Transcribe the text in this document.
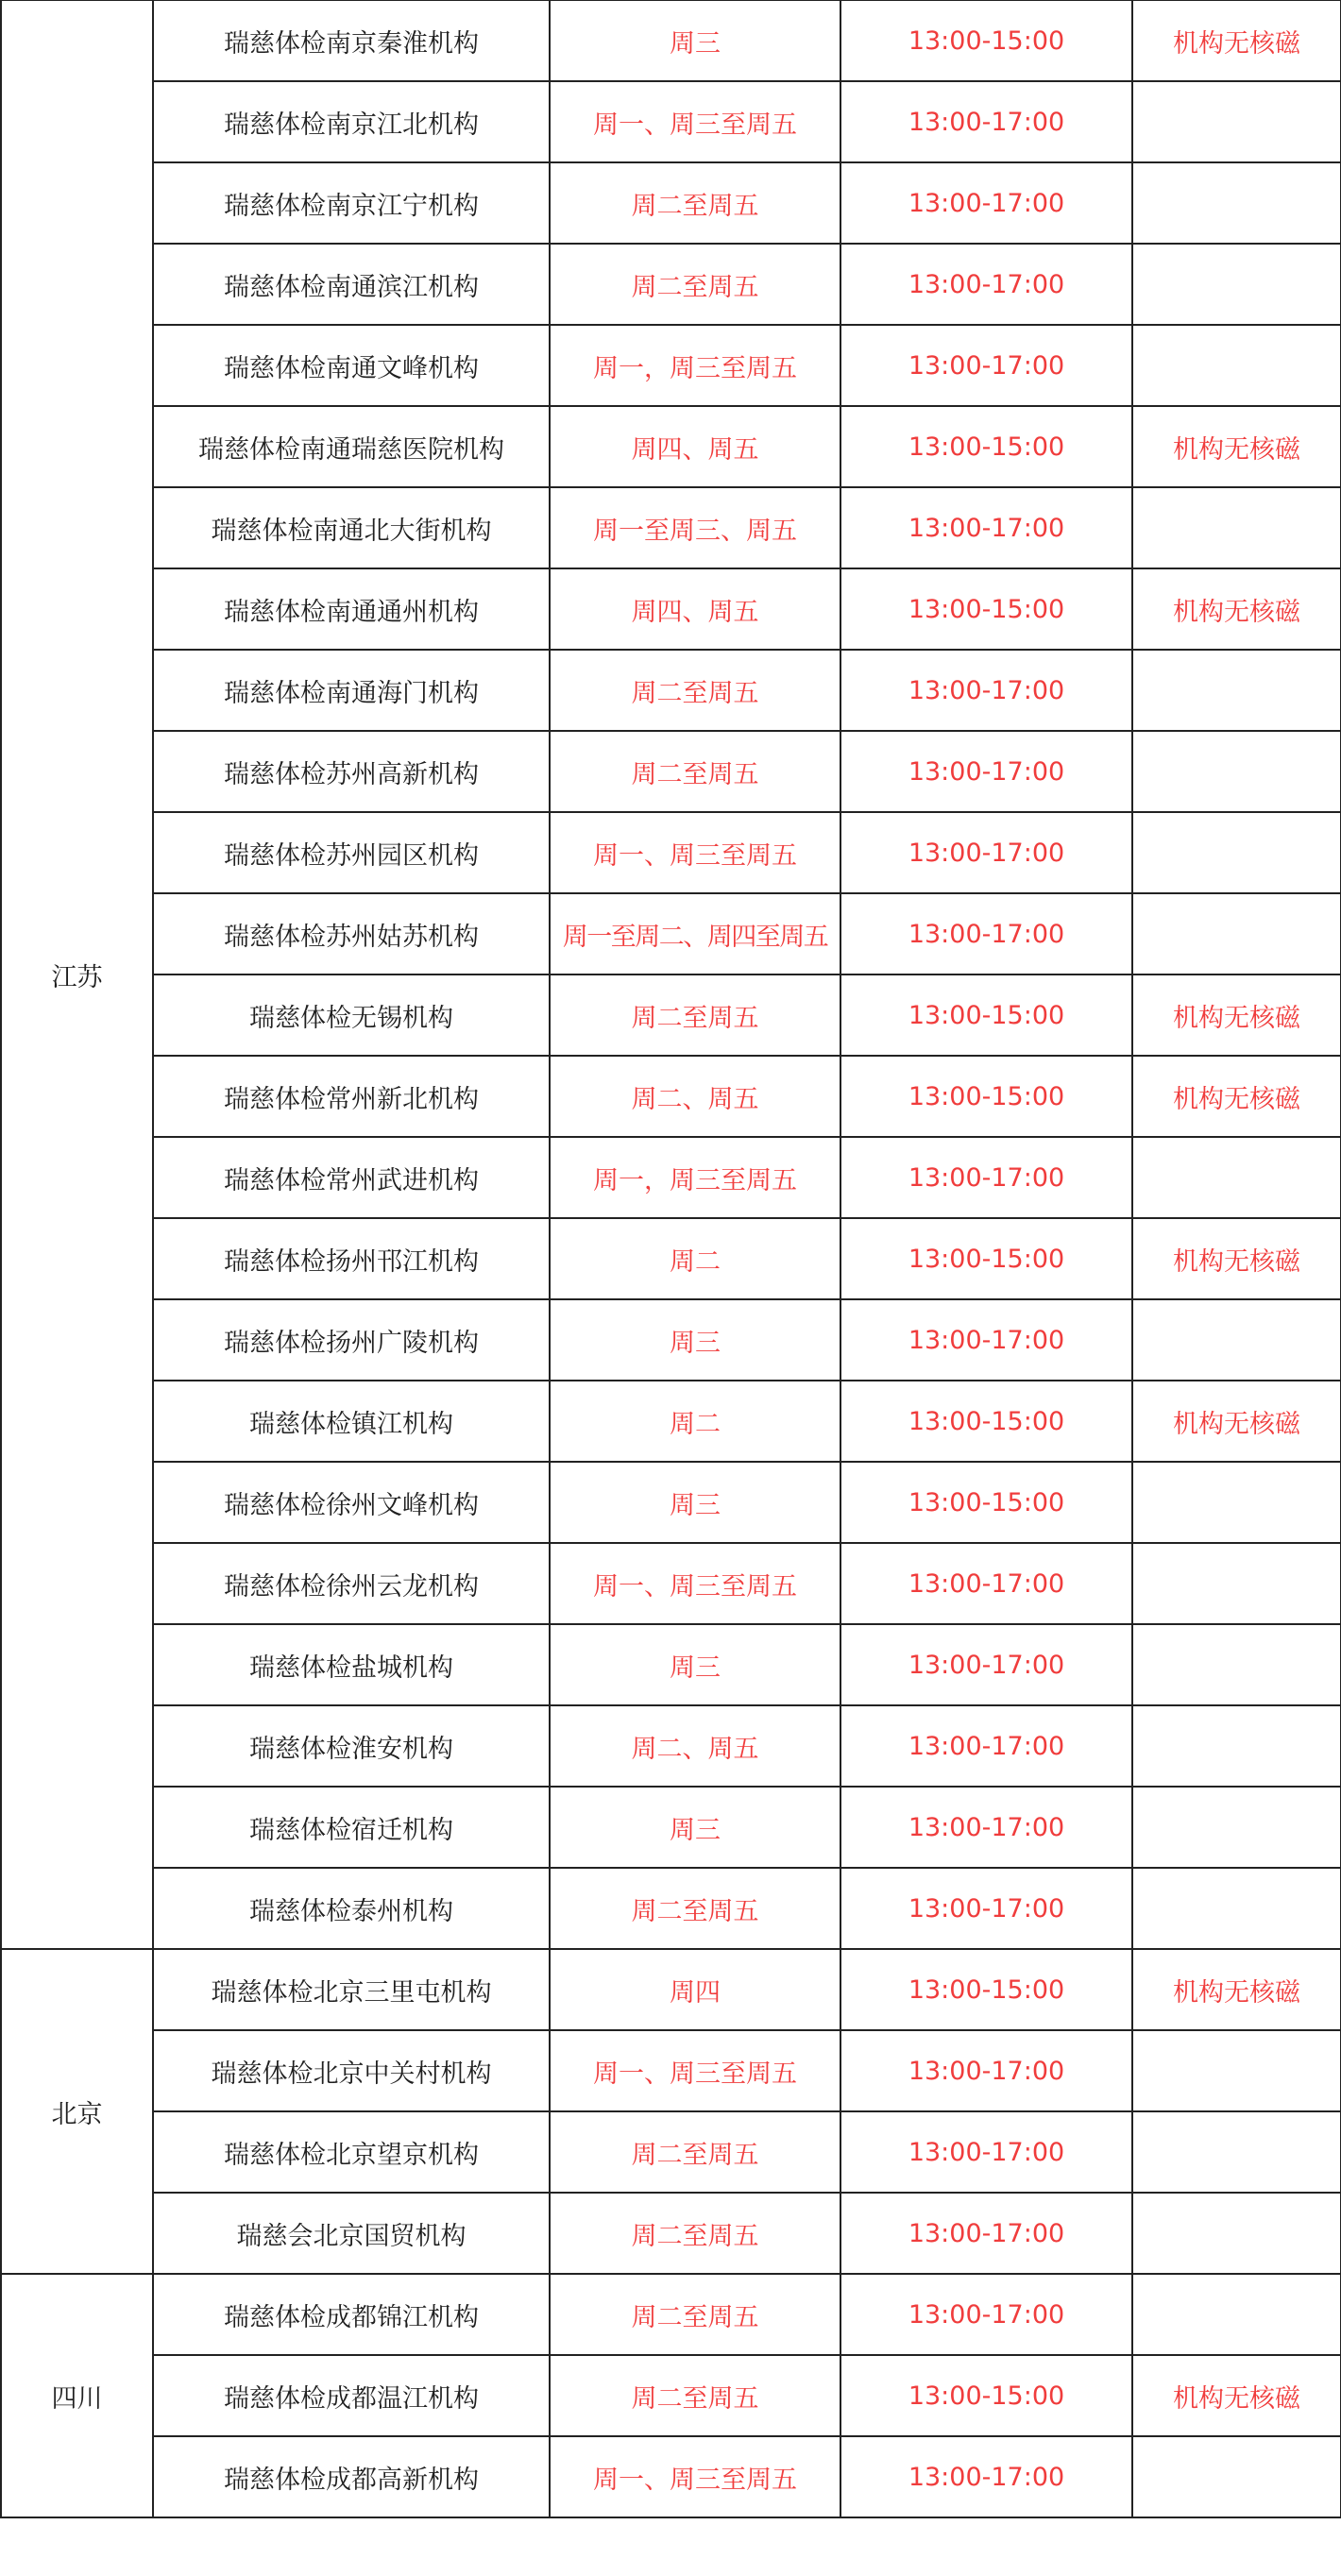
江苏	瑞慈体检南京秦淮机构	周三	13:00-15:00	机构无核磁
	瑞慈体检南京江北机构	周一、周三至周五	13:00-17:00	
	瑞慈体检南京江宁机构	周二至周五	13:00-17:00	
	瑞慈体检南通滨江机构	周二至周五	13:00-17:00	
	瑞慈体检南通文峰机构	周一，周三至周五	13:00-17:00	
	瑞慈体检南通瑞慈医院机构	周四、周五	13:00-15:00	机构无核磁
	瑞慈体检南通北大街机构	周一至周三、周五	13:00-17:00	
	瑞慈体检南通通州机构	周四、周五	13:00-15:00	机构无核磁
	瑞慈体检南通海门机构	周二至周五	13:00-17:00	
	瑞慈体检苏州高新机构	周二至周五	13:00-17:00	
	瑞慈体检苏州园区机构	周一、周三至周五	13:00-17:00	
	瑞慈体检苏州姑苏机构	周一至周二、周四至周五	13:00-17:00	
	瑞慈体检无锡机构	周二至周五	13:00-15:00	机构无核磁
	瑞慈体检常州新北机构	周二、周五	13:00-15:00	机构无核磁
	瑞慈体检常州武进机构	周一，周三至周五	13:00-17:00	
	瑞慈体检扬州邗江机构	周二	13:00-15:00	机构无核磁
	瑞慈体检扬州广陵机构	周三	13:00-17:00	
	瑞慈体检镇江机构	周二	13:00-15:00	机构无核磁
	瑞慈体检徐州文峰机构	周三	13:00-15:00	
	瑞慈体检徐州云龙机构	周一、周三至周五	13:00-17:00	
	瑞慈体检盐城机构	周三	13:00-17:00	
	瑞慈体检淮安机构	周二、周五	13:00-17:00	
	瑞慈体检宿迁机构	周三	13:00-17:00	
	瑞慈体检泰州机构	周二至周五	13:00-17:00	
北京	瑞慈体检北京三里屯机构	周四	13:00-15:00	机构无核磁
	瑞慈体检北京中关村机构	周一、周三至周五	13:00-17:00	
	瑞慈体检北京望京机构	周二至周五	13:00-17:00	
	瑞慈会北京国贸机构	周二至周五	13:00-17:00	
四川	瑞慈体检成都锦江机构	周二至周五	13:00-17:00	
	瑞慈体检成都温江机构	周二至周五	13:00-15:00	机构无核磁
	瑞慈体检成都高新机构	周一、周三至周五	13:00-17:00	
